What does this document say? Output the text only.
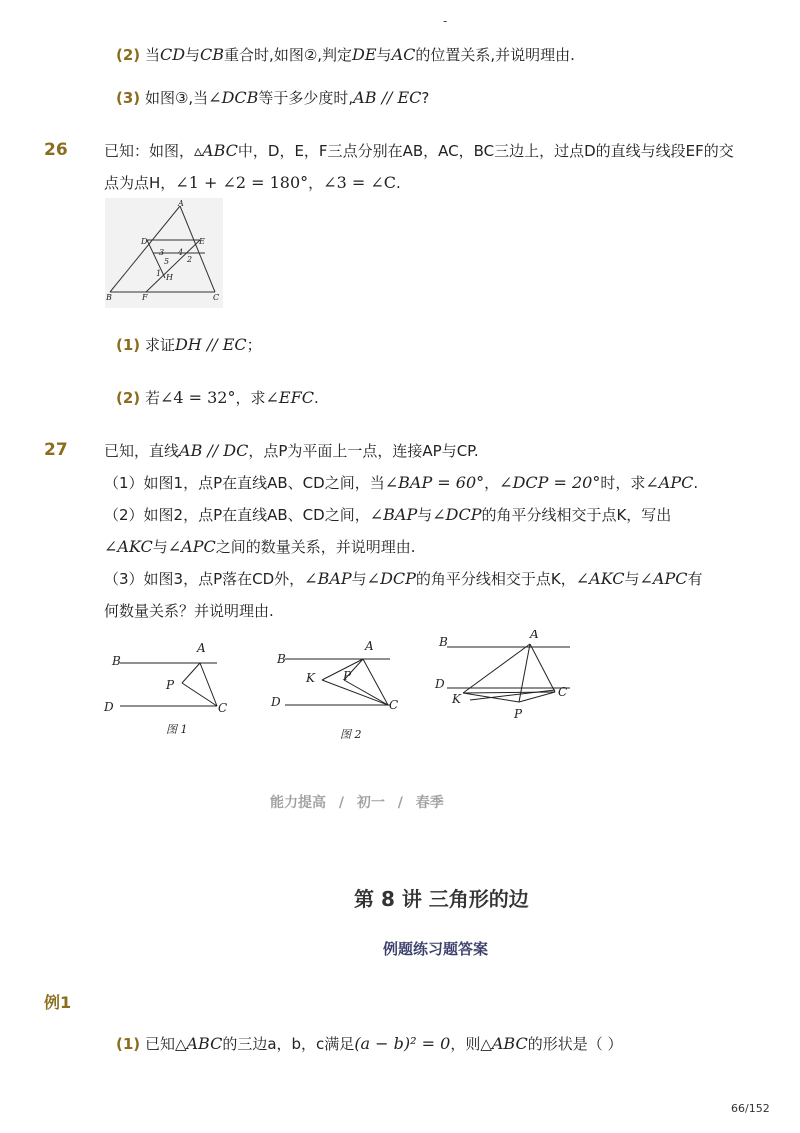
-
(2) 当CD与CB重合时,如图②,判定DE与AC的位置关系,并说明理由.
(3) 如图③,当∠DCB等于多少度时,AB // EC?
26 已知：如图，▵ABC中，D，E，F三点分别在AB，AC，BC三边上，过点D的直线与线段EF的交
点为点H，∠1 + ∠2 = 180°，∠3 = ∠C.
A
D	E
3 4
5 2
1 H
B	F	C
(1) 求证DH // EC；
(2) 若∠4 = 32°，求∠EFC.
27 已知，直线AB // DC，点P为平面上一点，连接AP与CP.
（1）如图1，点P在直线AB、CD之间，当∠BAP = 60°，∠DCP = 20°时，求∠APC.
（2）如图2，点P在直线AB、CD之间，∠BAP与∠DCP的角平分线相交于点K，写出
∠AKC与∠APC之间的数量关系，并说明理由.
（3）如图3，点P落在CD外，∠BAP与∠DCP的角平分线相交于点K，∠AKC与∠APC有
何数量关系？并说明理由.
B
A
P
D	C
图 1
B
A
K P
D	C
图 2
B
A
D
C
K
P
能力提高 / 初一 / 春季
第 8 讲 三角形的边
例题练习题答案
例1
(1) 已知△ABC的三边a，b，c满足(a − b)² = 0，则△ABC的形状是（ ）
66/152
